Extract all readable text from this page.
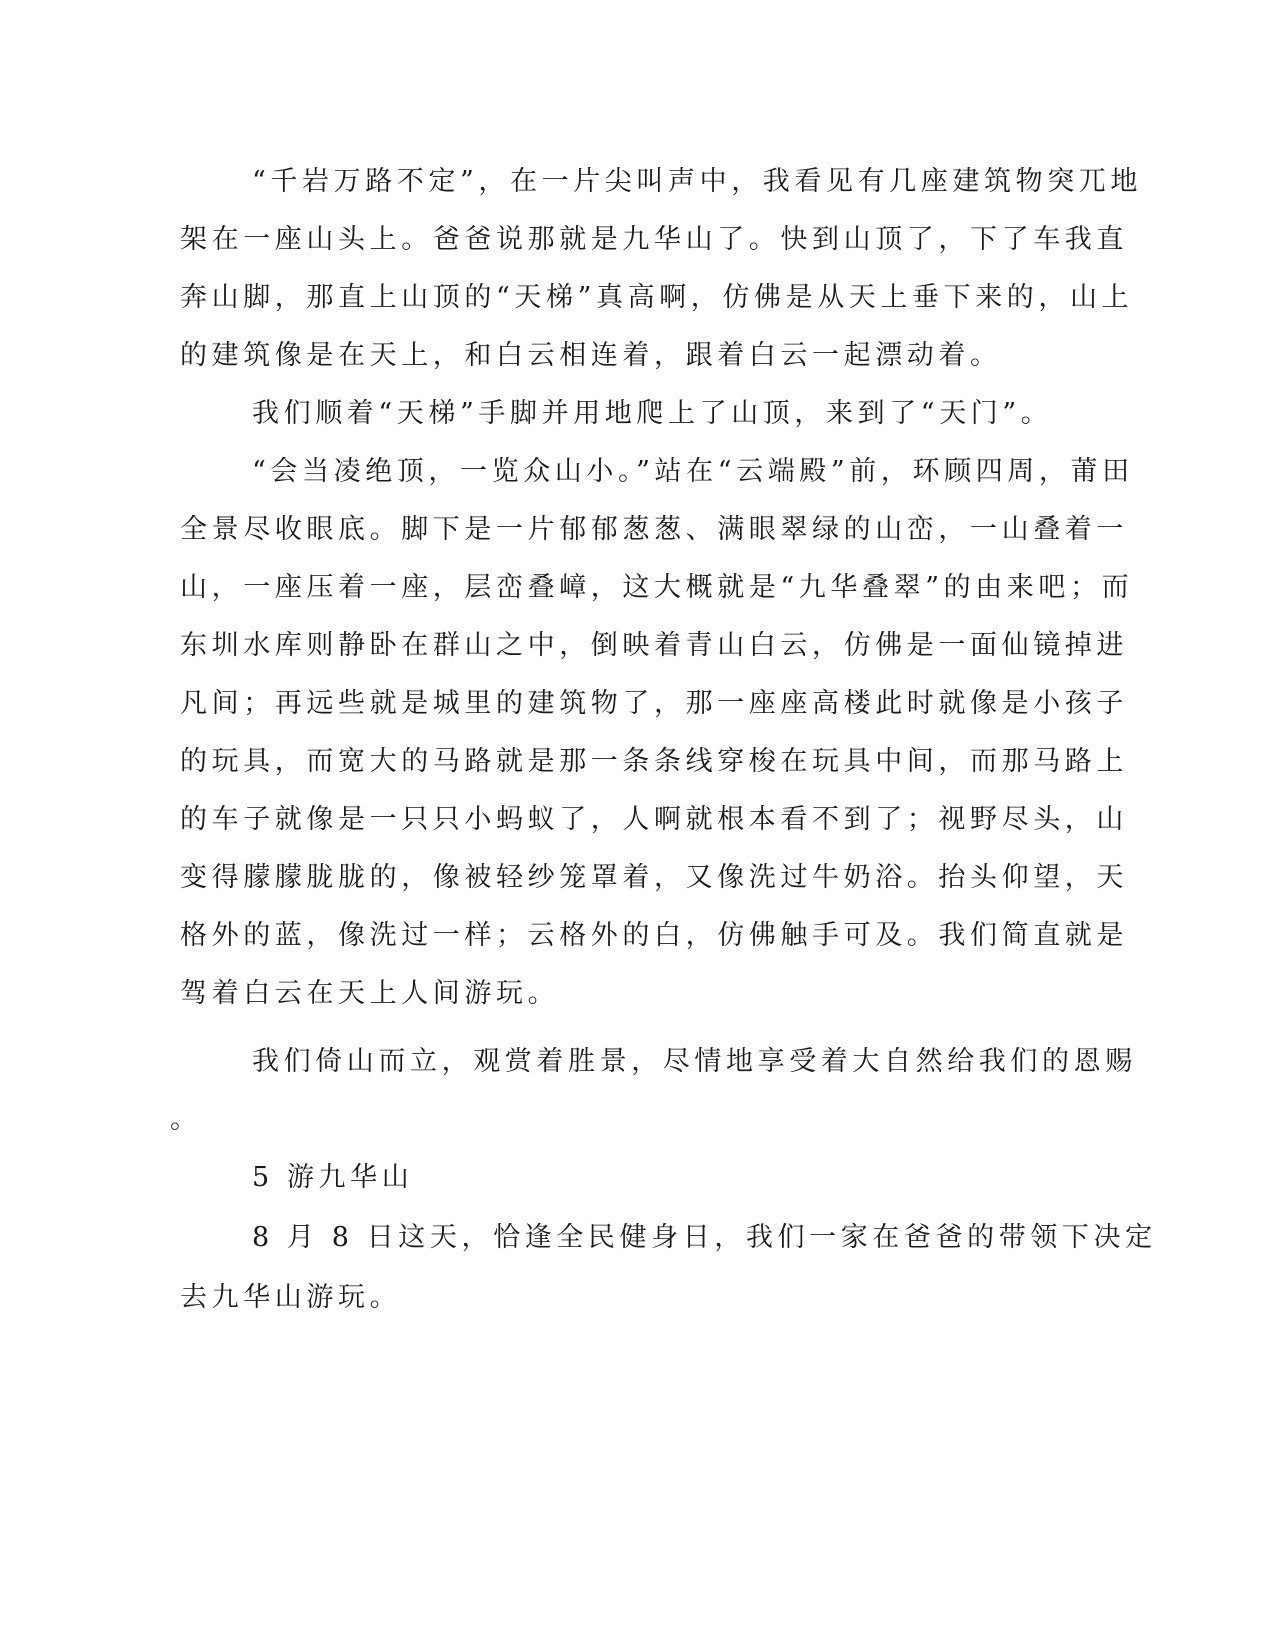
“千岩万路不定”，在一片尖叫声中，我看见有几座建筑物突兀地
架在一座山头上。爸爸说那就是九华山了。快到山顶了，下了车我直
奔山脚，那直上山顶的“天梯”真高啊，仿佛是从天上垂下来的，山上
的建筑像是在天上，和白云相连着，跟着白云一起漂动着。
我们顺着“天梯”手脚并用地爬上了山顶，来到了“天门”。
“会当凌绝顶，一览众山小。”站在“云端殿”前，环顾四周，莆田
全景尽收眼底。脚下是一片郁郁葱葱、满眼翠绿的山峦，一山叠着一
山，一座压着一座，层峦叠嶂，这大概就是“九华叠翠”的由来吧；而
东圳水库则静卧在群山之中，倒映着青山白云，仿佛是一面仙镜掉进
凡间；再远些就是城里的建筑物了，那一座座高楼此时就像是小孩子
的玩具，而宽大的马路就是那一条条线穿梭在玩具中间，而那马路上
的车子就像是一只只小蚂蚁了，人啊就根本看不到了；视野尽头，山
变得朦朦胧胧的，像被轻纱笼罩着，又像洗过牛奶浴。抬头仰望，天
格外的蓝，像洗过一样；云格外的白，仿佛触手可及。我们简直就是
驾着白云在天上人间游玩。
我们倚山而立，观赏着胜景，尽情地享受着大自然给我们的恩赐
。
5 游九华山
8 月 8 日这天，恰逢全民健身日，我们一家在爸爸的带领下决定
去九华山游玩。
